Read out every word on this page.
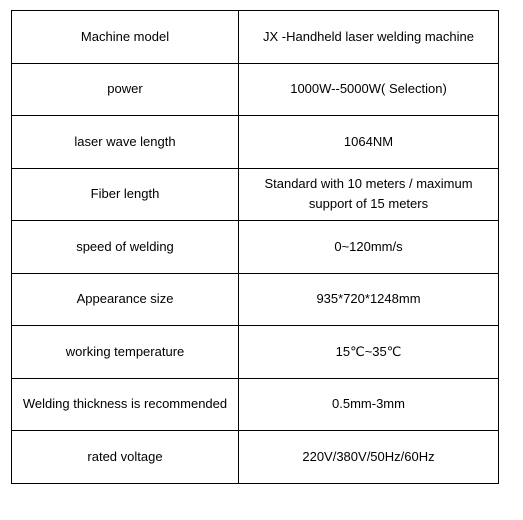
Machine model	JX -Handheld laser welding machine
power	1000W--5000W( Selection)
laser wave length	1064NM
Fiber length	Standard with 10 meters / maximum support of 15 meters
speed of welding	0~120mm/s
Appearance size	935*720*1248mm
working temperature	15℃~35℃
Welding thickness is recommended	0.5mm-3mm
rated voltage	220V/380V/50Hz/60Hz
